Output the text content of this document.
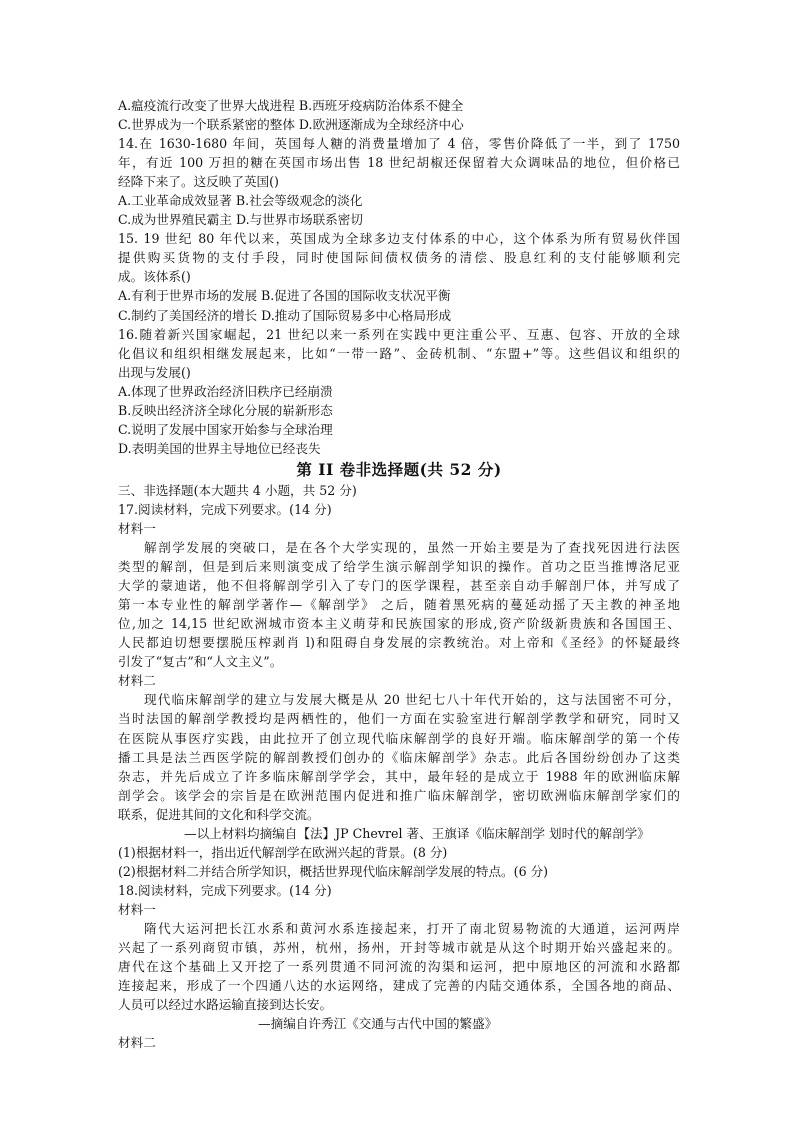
A.瘟疫流行改变了世界大战进程 B.西班牙疫病防治体系不健全
C.世界成为一个联系紧密的整体 D.欧洲逐渐成为全球经济中心
14.在 1630-1680 年间，英国每人糖的消费量增加了 4 倍，零售价降低了一半，到了 1750
年，有近 100 万担的糖在英国市场出售 18 世纪胡椒还保留着大众调味品的地位，但价格已
经降下来了。这反映了英国()
A.工业革命成效显著 B.社会等级观念的淡化
C.成为世界殖民霸主 D.与世界市场联系密切
15. 19 世纪 80 年代以来，英国成为全球多边支付体系的中心，这个体系为所有贸易伙伴国
提供购买货物的支付手段，同时使国际间债权债务的清偿、股息红利的支付能够顺利完
成。该体系()
A.有利于世界市场的发展 B.促进了各国的国际收支状况平衡
C.制约了美国经济的增长 D.推动了国际贸易多中心格局形成
16.随着新兴国家崛起，21 世纪以来一系列在实践中更注重公平、互惠、包容、开放的全球
化倡议和组织相继发展起来，比如“一带一路”、金砖机制、“东盟+”等。这些倡议和组织的
出现与发展()
A.体现了世界政治经济旧秩序已经崩溃
B.反映出经济济全球化分展的崭新形态
C.说明了发展中国家开始参与全球治理
D.表明美国的世界主导地位已经丧失
第 II 卷非选择题(共 52 分)
三、非选择题(本大题共 4 小题，共 52 分)
17.阅读材料，完成下列要求。(14 分)
材料一
解剖学发展的突破口，是在各个大学实现的，虽然一开始主要是为了查找死因进行法医
类型的解剖，但是到后来则演变成了给学生演示解剖学知识的操作。首功之臣当推博洛尼亚
大学的蒙迪诺，他不但将解剖学引入了专门的医学课程，甚至亲自动手解剖尸体，并写成了
第一本专业性的解剖学著作—《解剖学》 之后，随着黑死病的蔓延动摇了天主教的神圣地
位,加之 14,15 世纪欧洲城市资本主义萌芽和民族国家的形成,资产阶级新贵族和各国国王、
人民都迫切想要摆脱压榨剥肖 l)和阻碍自身发展的宗教统治。对上帝和《圣经》的怀疑最终
引发了“复古”和“人文主义”。
材料二
现代临床解剖学的建立与发展大概是从 20 世纪七八十年代开始的，这与法国密不可分，
当时法国的解剖学教授均是两栖性的，他们一方面在实验室进行解剖学教学和研究，同时又
在医院从事医疗实践，由此拉开了创立现代临床解剖学的良好开端。临床解剖学的第一个传
播工具是法兰西医学院的解剖教授们创办的《临床解剖学》杂志。此后各国纷纷创办了这类
杂志，并先后成立了许多临床解剖学学会，其中，最年轻的是成立于 1988 年的欧洲临床解
剖学会。该学会的宗旨是在欧洲范围内促进和推广临床解剖学，密切欧洲临床解剖学家们的
联系，促进其间的文化和科学交流。
—以上材料均摘编自【法】JP Chevrel 著、王旗译《临床解剖学 划时代的解剖学》
(1)根据材料一，指出近代解剖学在欧洲兴起的背景。(8 分)
(2)根据材料二并结合所学知识，概括世界现代临床解剖学发展的特点。(6 分)
18.阅读材料，完成下列要求。(14 分)
材料一
隋代大运河把长江水系和黄河水系连接起来，打开了南北贸易物流的大通道，运河两岸
兴起了一系列商贸市镇，苏州，杭州，扬州，开封等城市就是从这个时期开始兴盛起来的。
唐代在这个基础上又开挖了一系列贯通不同河流的沟渠和运河，把中原地区的河流和水路都
连接起来，形成了一个四通八达的水运网络，建成了完善的内陆交通体系，全国各地的商品、
人员可以经过水路运输直接到达长安。
—摘编自许秀江《交通与古代中国的繁盛》
材料二
